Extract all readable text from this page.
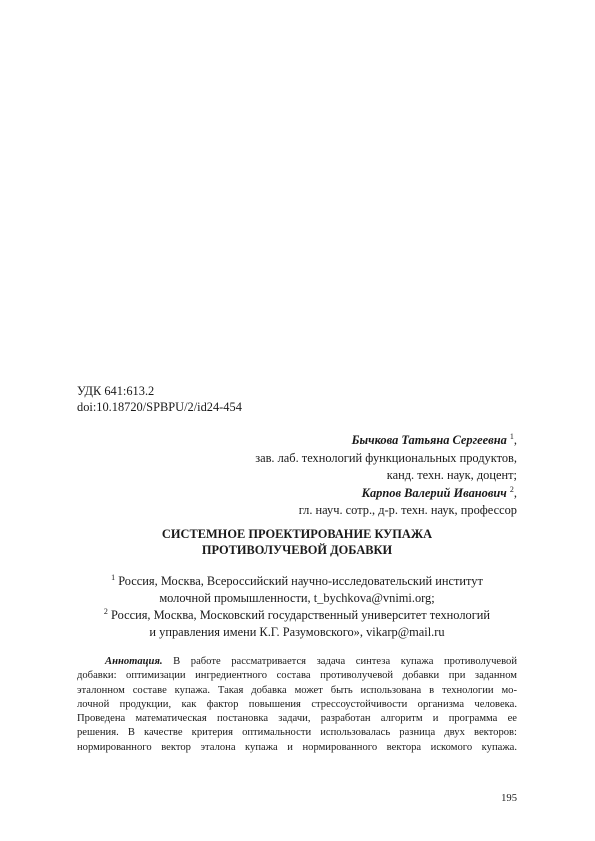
УДК 641:613.2
doi:10.18720/SPBPU/2/id24-454
Бычкова Татьяна Сергеевна $^1$,
зав. лаб. технологий функциональных продуктов,
канд. техн. наук, доцент;
Карпов Валерий Иванович $^2$,
гл. науч. сотр., д-р. техн. наук, профессор
СИСТЕМНОЕ ПРОЕКТИРОВАНИЕ КУПАЖА
ПРОТИВОЛУЧЕВОЙ ДОБАВКИ
$^1$ Россия, Москва, Всероссийский научно-исследовательский институт
молочной промышленности, t_bychkova@vnimi.org;
$^2$ Россия, Москва, Московский государственный университет технологий
и управления имени К.Г. Разумовского», vikarp@mail.ru
Аннотация. В работе рассматривается задача синтеза купажа противолучевой
добавки: оптимизации ингредиентного состава противолучевой добавки при заданном
эталонном составе купажа. Такая добавка может быть использована в технологии мо-
лочной продукции, как фактор повышения стрессоустойчивости организма человека.
Проведена математическая постановка задачи, разработан алгоритм и программа ее
решения. В качестве критерия оптимальности использовалась разница двух векторов:
нормированного вектор эталона купажа и нормированного вектора искомого купажа.
195
